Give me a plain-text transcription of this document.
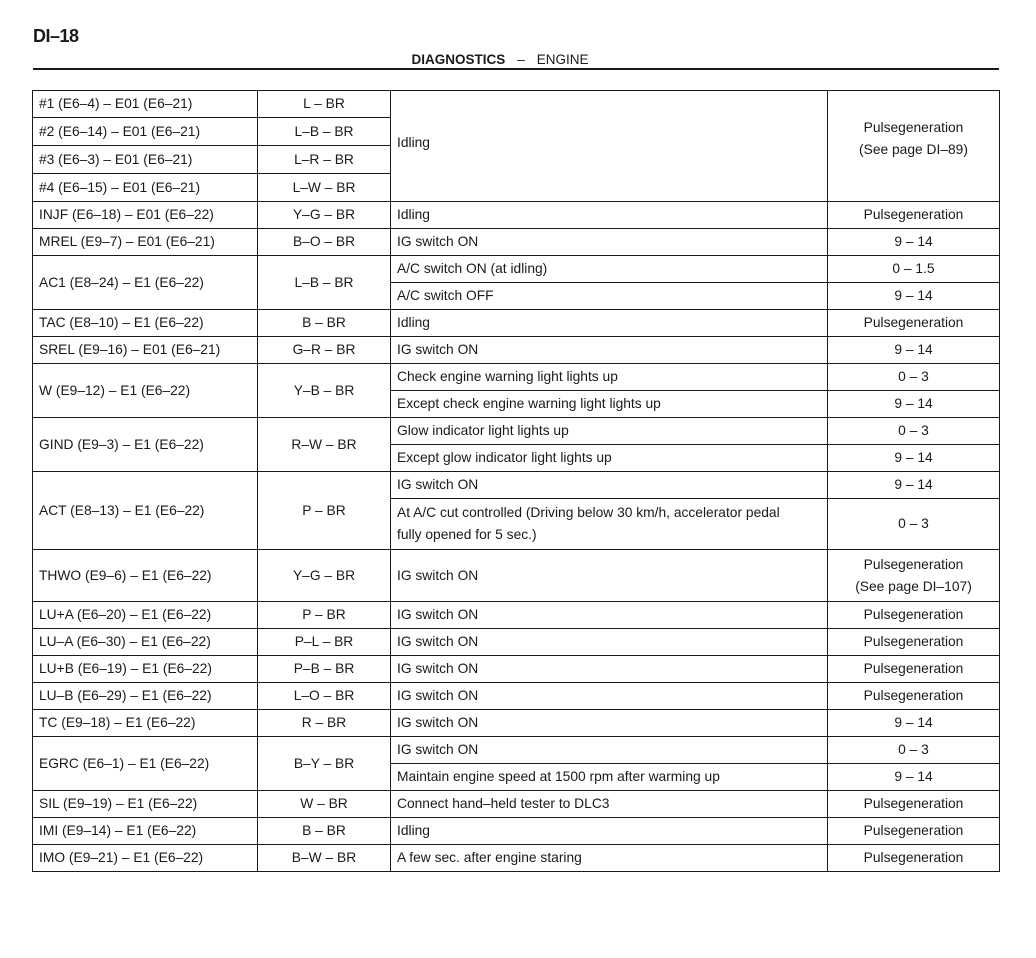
DI–18
DIAGNOSTICS – ENGINE
#1 (E6–4) – E01 (E6–21)	L – BR	Idling	Pulsegeneration
(See page DI–89)

#2 (E6–14) – E01 (E6–21)	L–B – BR		
#3 (E6–3) – E01 (E6–21)	L–R – BR		
#4 (E6–15) – E01 (E6–21)	L–W – BR		
INJF (E6–18) – E01 (E6–22)	Y–G – BR	Idling	Pulsegeneration
MREL (E9–7) – E01 (E6–21)	B–O – BR	IG switch ON	9 – 14
AC1 (E8–24) – E1 (E6–22)	L–B – BR	A/C switch ON (at idling)	0 – 1.5
		A/C switch OFF	9 – 14
TAC (E8–10) – E1 (E6–22)	B – BR	Idling	Pulsegeneration
SREL (E9–16) – E01 (E6–21)	G–R – BR	IG switch ON	9 – 14
W (E9–12) – E1 (E6–22)	Y–B – BR	Check engine warning light lights up	0 – 3
		Except check engine warning light lights up	9 – 14
GIND (E9–3) – E1 (E6–22)	R–W – BR	Glow indicator light lights up	0 – 3
		Except glow indicator light lights up	9 – 14
ACT (E8–13) – E1 (E6–22)	P – BR	IG switch ON	9 – 14
		At A/C cut controlled (Driving below 30 km/h, accelerator pedal fully opened for 5 sec.)	0 – 3
THWO (E9–6) – E1 (E6–22)	Y–G – BR	IG switch ON	Pulsegeneration
(See page DI–107)

LU+A (E6–20) – E1 (E6–22)	P – BR	IG switch ON	Pulsegeneration
LU–A (E6–30) – E1 (E6–22)	P–L – BR	IG switch ON	Pulsegeneration
LU+B (E6–19) – E1 (E6–22)	P–B – BR	IG switch ON	Pulsegeneration
LU–B (E6–29) – E1 (E6–22)	L–O – BR	IG switch ON	Pulsegeneration
TC (E9–18) – E1 (E6–22)	R – BR	IG switch ON	9 – 14
EGRC (E6–1) – E1 (E6–22)	B–Y – BR	IG switch ON	0 – 3
		Maintain engine speed at 1500 rpm after warming up	9 – 14
SIL (E9–19) – E1 (E6–22)	W – BR	Connect hand–held tester to DLC3	Pulsegeneration
IMI (E9–14) – E1 (E6–22)	B – BR	Idling	Pulsegeneration
IMO (E9–21) – E1 (E6–22)	B–W – BR	A few sec. after engine staring	Pulsegeneration
